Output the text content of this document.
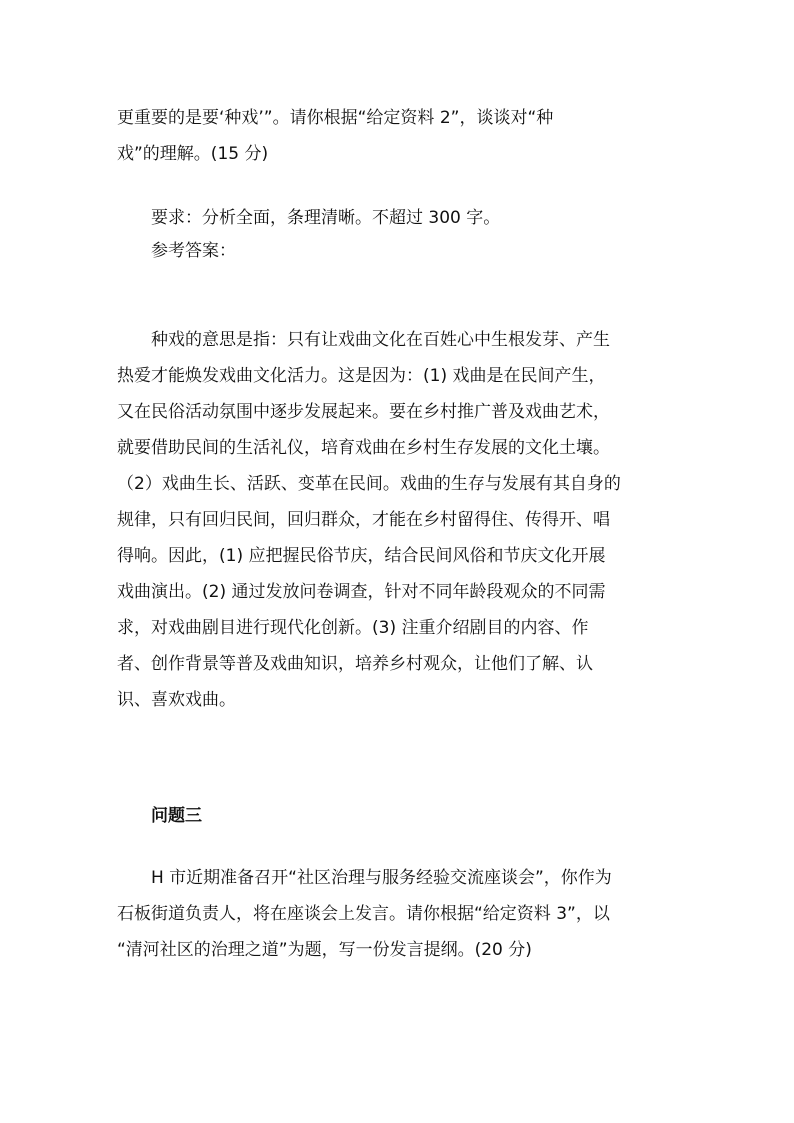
更重要的是要‘种戏’”。请你根据“给定资料 2”，谈谈对“种
戏”的理解。(15 分)
要求：分析全面，条理清晰。不超过 300 字。
参考答案：
种戏的意思是指：只有让戏曲文化在百姓心中生根发芽、产生
热爱才能焕发戏曲文化活力。这是因为：(1) 戏曲是在民间产生，
又在民俗活动氛围中逐步发展起来。要在乡村推广普及戏曲艺术，
就要借助民间的生活礼仪，培育戏曲在乡村生存发展的文化土壤。
（2）戏曲生长、活跃、变革在民间。戏曲的生存与发展有其自身的
规律，只有回归民间，回归群众，才能在乡村留得住、传得开、唱
得响。因此，(1) 应把握民俗节庆，结合民间风俗和节庆文化开展
戏曲演出。(2) 通过发放问卷调查，针对不同年龄段观众的不同需
求，对戏曲剧目进行现代化创新。(3) 注重介绍剧目的内容、作
者、创作背景等普及戏曲知识，培养乡村观众，让他们了解、认
识、喜欢戏曲。
问题三
H 市近期准备召开“社区治理与服务经验交流座谈会”，你作为
石板街道负责人，将在座谈会上发言。请你根据“给定资料 3”，以
“清河社区的治理之道”为题，写一份发言提纲。(20 分)
